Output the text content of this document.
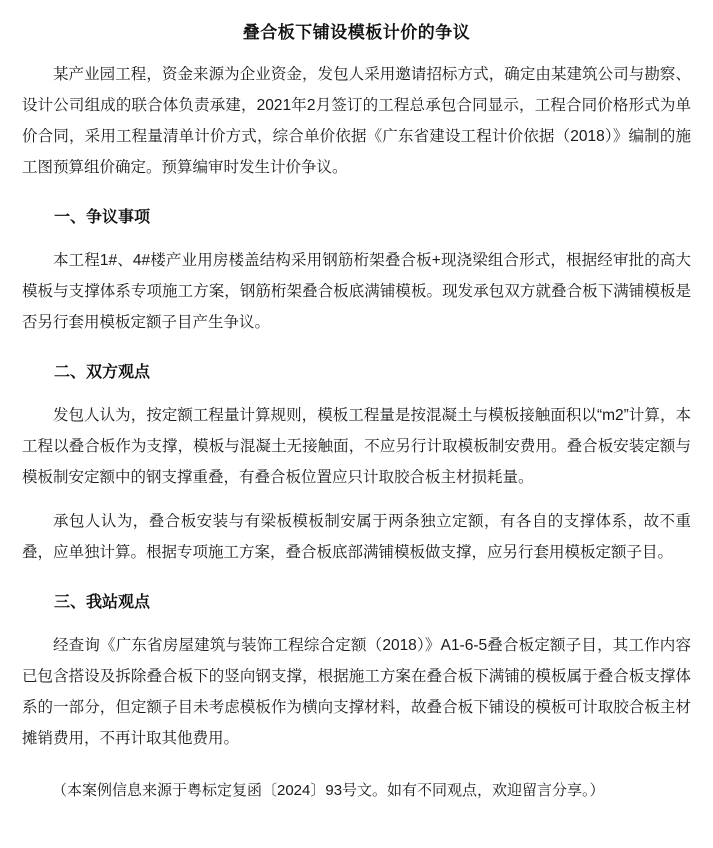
叠合板下铺设模板计价的争议

某产业园工程，资金来源为企业资金，发包人采用邀请招标方式，确定由某建筑公司与勘察、设计公司组成的联合体负责承建，2021年2月签订的工程总承包合同显示，工程合同价格形式为单价合同，采用工程量清单计价方式，综合单价依据《广东省建设工程计价依据（2018）》编制的施工图预算组价确定。预算编审时发生计价争议。

一、争议事项

本工程1#、4#楼产业用房楼盖结构采用钢筋桁架叠合板+现浇梁组合形式，根据经审批的高大模板与支撑体系专项施工方案，钢筋桁架叠合板底满铺模板。现发承包双方就叠合板下满铺模板是否另行套用模板定额子目产生争议。

二、双方观点

发包人认为，按定额工程量计算规则，模板工程量是按混凝土与模板接触面积以“m2”计算，本工程以叠合板作为支撑，模板与混凝土无接触面，不应另行计取模板制安费用。叠合板安装定额与模板制安定额中的钢支撑重叠，有叠合板位置应只计取胶合板主材损耗量。

承包人认为，叠合板安装与有梁板模板制安属于两条独立定额，有各自的支撑体系，故不重叠，应单独计算。根据专项施工方案，叠合板底部满铺模板做支撑，应另行套用模板定额子目。

三、我站观点

经查询《广东省房屋建筑与装饰工程综合定额（2018）》A1-6-5叠合板定额子目，其工作内容已包含搭设及拆除叠合板下的竖向钢支撑，根据施工方案在叠合板下满铺的模板属于叠合板支撑体系的一部分，但定额子目未考虑模板作为横向支撑材料，故叠合板下铺设的模板可计取胶合板主材摊销费用，不再计取其他费用。

（本案例信息来源于粤标定复函〔2024〕93号文。如有不同观点，欢迎留言分享。）
